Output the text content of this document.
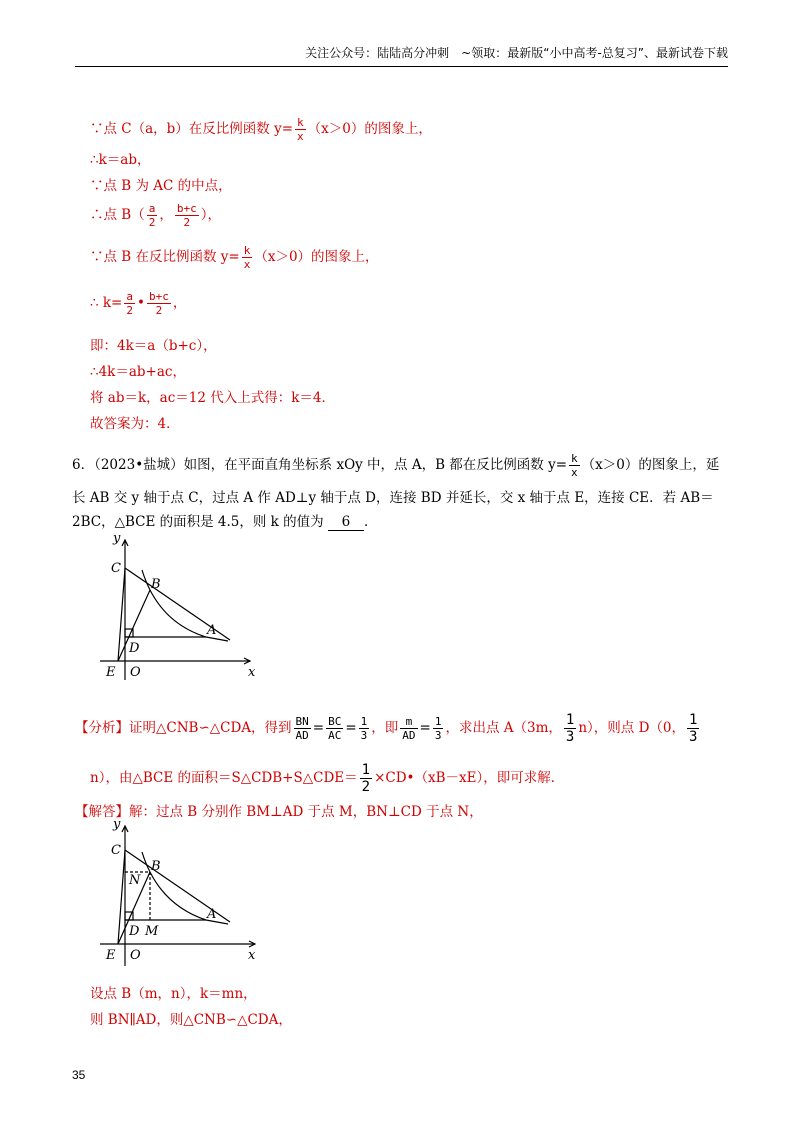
关注公众号：陆陆高分冲刺　~领取：最新版“小中高考-总复习”、最新试卷下载
∵点 C（a，b）在反比例函数 $y= \frac{k}{x} (x>0)$的图象上，
∴k＝ab，
∵点 B 为 AC 的中点，
∴点 $B( \frac{a}{2}$ ， $\frac{b+c}{2}$ ），
∵点 B 在反比例函数 $y= \frac{k}{x} (x>0)$的图象上，
∴ $k= \frac{a}{2}$ • $\frac{b+c}{2}$ ，
即：4k＝a（b+c），
∴4k＝ab+ac，
将 ab＝k，ac＝12 代入上式得：k＝4．
故答案为：4．
6．（2023•盐城）如图，在平面直角坐标系 xOy 中，点 A，B 都在反比例函数 $y= \frac{k}{x} (x>0)$的图象上，延
长 AB 交 y 轴于点 C，过点 A 作 AD⊥y 轴于点 D，连接 BD 并延长，交 x 轴于点 E，连接 CE．若 AB＝
2BC，△BCE 的面积是 4.5，则 k 的值为 6 ．
y
C
B
A
D
E O	x
【分析】证明△CNB∽△CDA，得到 $\frac{BN}{AD} = \frac{BC}{AC} = \frac{1}{3}$ ，即 $\frac{m}{AD} = \frac{1}{3}$ ，求出点 A（3m， $\frac{1}{3} n$），则点 D（0， $\frac{1}{3}$
n），由△BCE 的面积＝S△CDB+S△CDE＝ $\frac{1}{2}$ ×CD•（xB－xE），即可求解．
【解答】解：过点 B 分别作 BM⊥AD 于点 M，BN⊥CD 于点 N，
y
C
B
N
A
D M
E O	x
设点 B（m，n），k＝mn，
则 BN∥AD，则△CNB∽△CDA，
35
